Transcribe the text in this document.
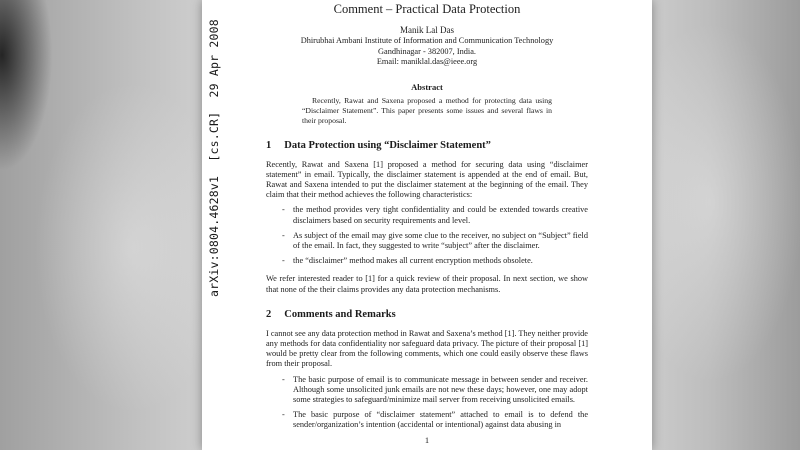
arXiv:0804.4628v1  [cs.CR]  29 Apr 2008
Comment – Practical Data Protection
Manik Lal Das
Dhirubhai Ambani Institute of Information and Communication Technology
Gandhinagar - 382007, India.
Email: maniklal.das@ieee.org
Abstract

Recently, Rawat and Saxena proposed a method for protecting data using “Disclaimer Statement”. This paper presents some issues and several flaws in their proposal.

1 Data Protection using “Disclaimer Statement”

Recently, Rawat and Saxena [1] proposed a method for securing data using “disclaimer statement” in email. Typically, the disclaimer statement is appended at the end of email. But, Rawat and Saxena intended to put the disclaimer statement at the beginning of the email. They claim that their method achieves the following characteristics:

- the method provides very tight confidentiality and could be extended towards creative disclaimers based on security requirements and level.
- As subject of the email may give some clue to the receiver, no subject on “Subject” field of the email. In fact, they suggested to write “subject” after the disclaimer.
- the “disclaimer” method makes all current encryption methods obsolete.

We refer interested reader to [1] for a quick review of their proposal. In next section, we show that none of the their claims provides any data protection mechanisms.

2 Comments and Remarks

I cannot see any data protection method in Rawat and Saxena’s method [1]. They neither provide any methods for data confidentiality nor safeguard data privacy. The picture of their proposal [1] would be pretty clear from the following comments, which one could easily observe these flaws from their proposal.

- The basic purpose of email is to communicate message in between sender and receiver. Although some unsolicited junk emails are not new these days; however, one may adopt some strategies to safeguard/minimize mail server from receiving unsolicited emails.
- The basic purpose of “disclaimer statement” attached to email is to defend the sender/organization’s intention (accidental or intentional) against data abusing in
1
